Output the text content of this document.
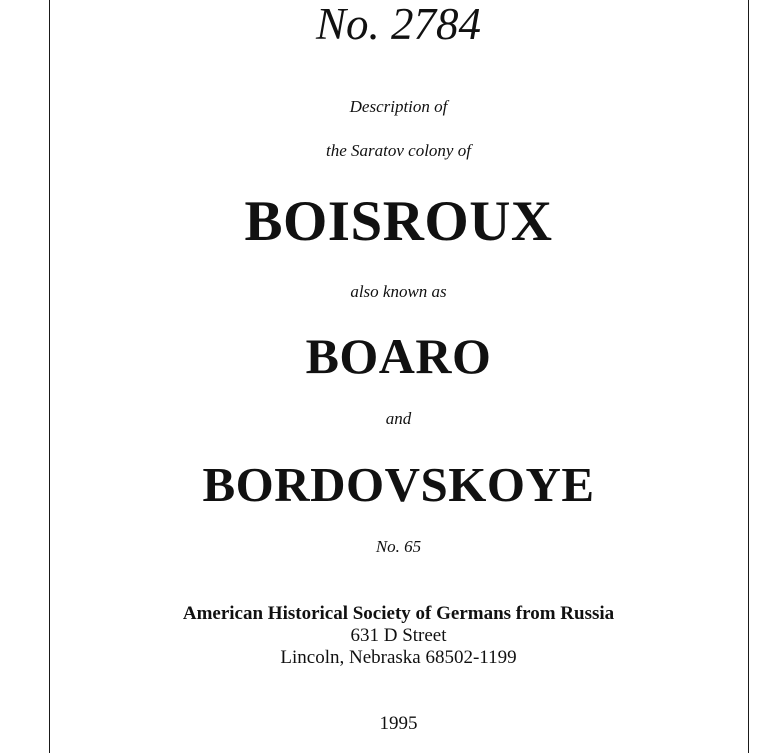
No. 2784
Description of
the Saratov colony of
BOISROUX
also known as
BOARO
and
BORDOVSKOYE
No. 65
American Historical Society of Germans from Russia
631 D Street
Lincoln, Nebraska 68502-1199
1995
